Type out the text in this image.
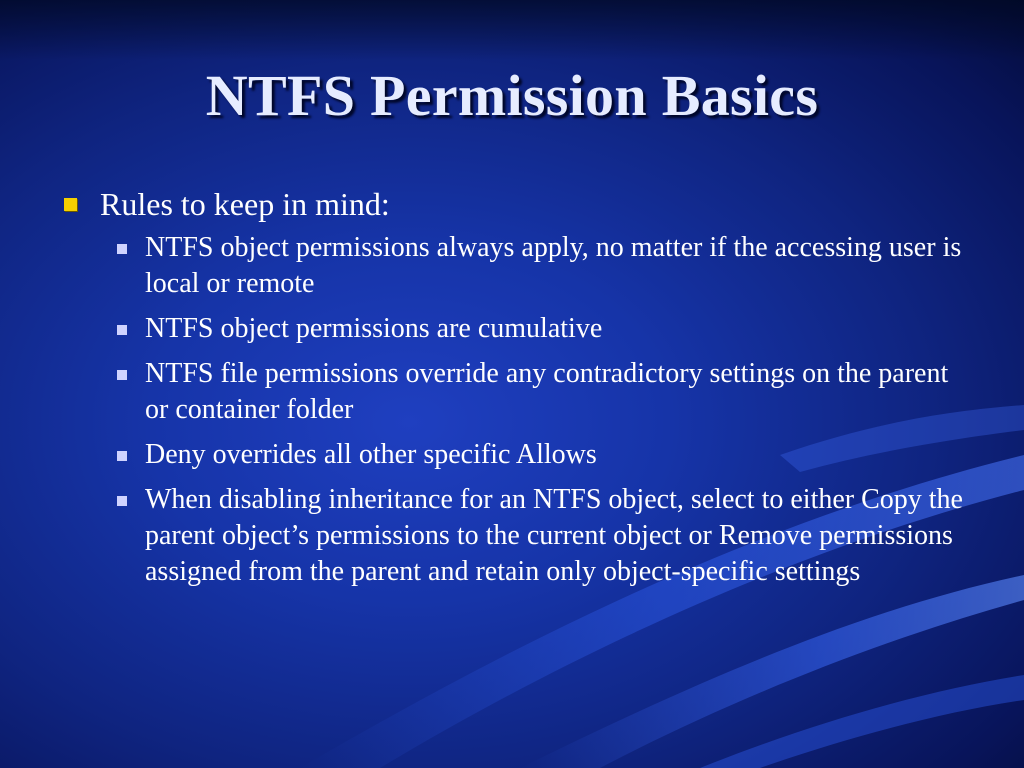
NTFS Permission Basics
Rules to keep in mind:
NTFS object permissions always apply, no matter if the accessing user is local or remote
NTFS object permissions are cumulative
NTFS file permissions override any contradictory settings on the parent or container folder
Deny overrides all other specific Allows
When disabling inheritance for an NTFS object, select to either Copy the parent object’s permissions to the current object or Remove permissions assigned from the parent and retain only object-specific settings
